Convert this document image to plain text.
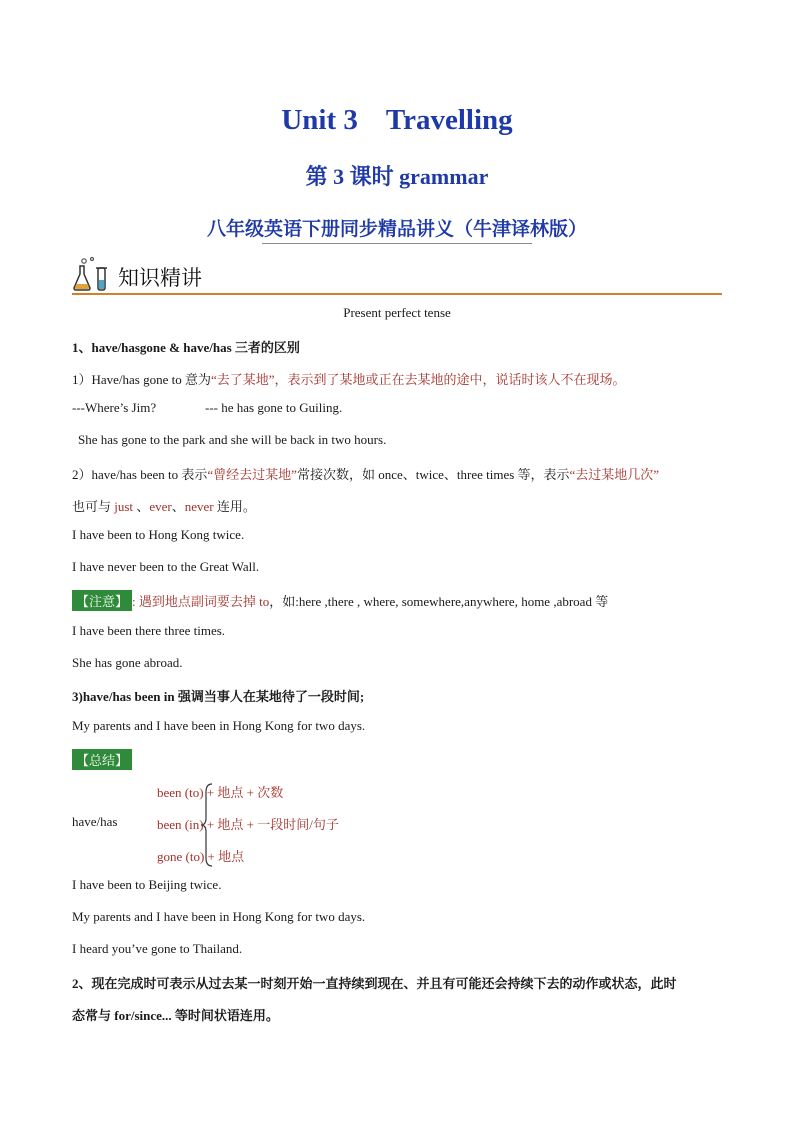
Unit 3 Travelling
第 3 课时 grammar
八年级英语下册同步精品讲义（牛津译林版）
知识精讲
Present perfect tense
1、have/hasgone & have/has 三者的区别
1）Have/has gone to 意为“去了某地”，表示到了某地或正在去某地的途中，说话时该人不在现场。
---Where’s Jim?	--- he has gone to Guiling.
She has gone to the park and she will be back in two hours.
2）have/has been to 表示“曾经去过某地”常接次数，如 once、twice、three times 等，表示“去过某地几次”
也可与 just 、ever、never 连用。
I have been to Hong Kong twice.
I have never been to the Great Wall.
【注意】 : 遇到地点副词要去掉 to，如:here ,there , where, somewhere,anywhere, home ,abroad 等
I have been there three times.
She has gone abroad.
3)have/has been in 强调当事人在某地待了一段时间;
My parents and I have been in Hong Kong for two days.
【总结】
have/has
been (to) + 地点 + 次数
been (in) + 地点 + 一段时间/句子
gone (to) + 地点
I have been to Beijing twice.
My parents and I have been in Hong Kong for two days.
I heard you’ve gone to Thailand.
2、现在完成时可表示从过去某一时刻开始一直持续到现在、并且有可能还会持续下去的动作或状态，此时
态常与 for/since... 等时间状语连用。
